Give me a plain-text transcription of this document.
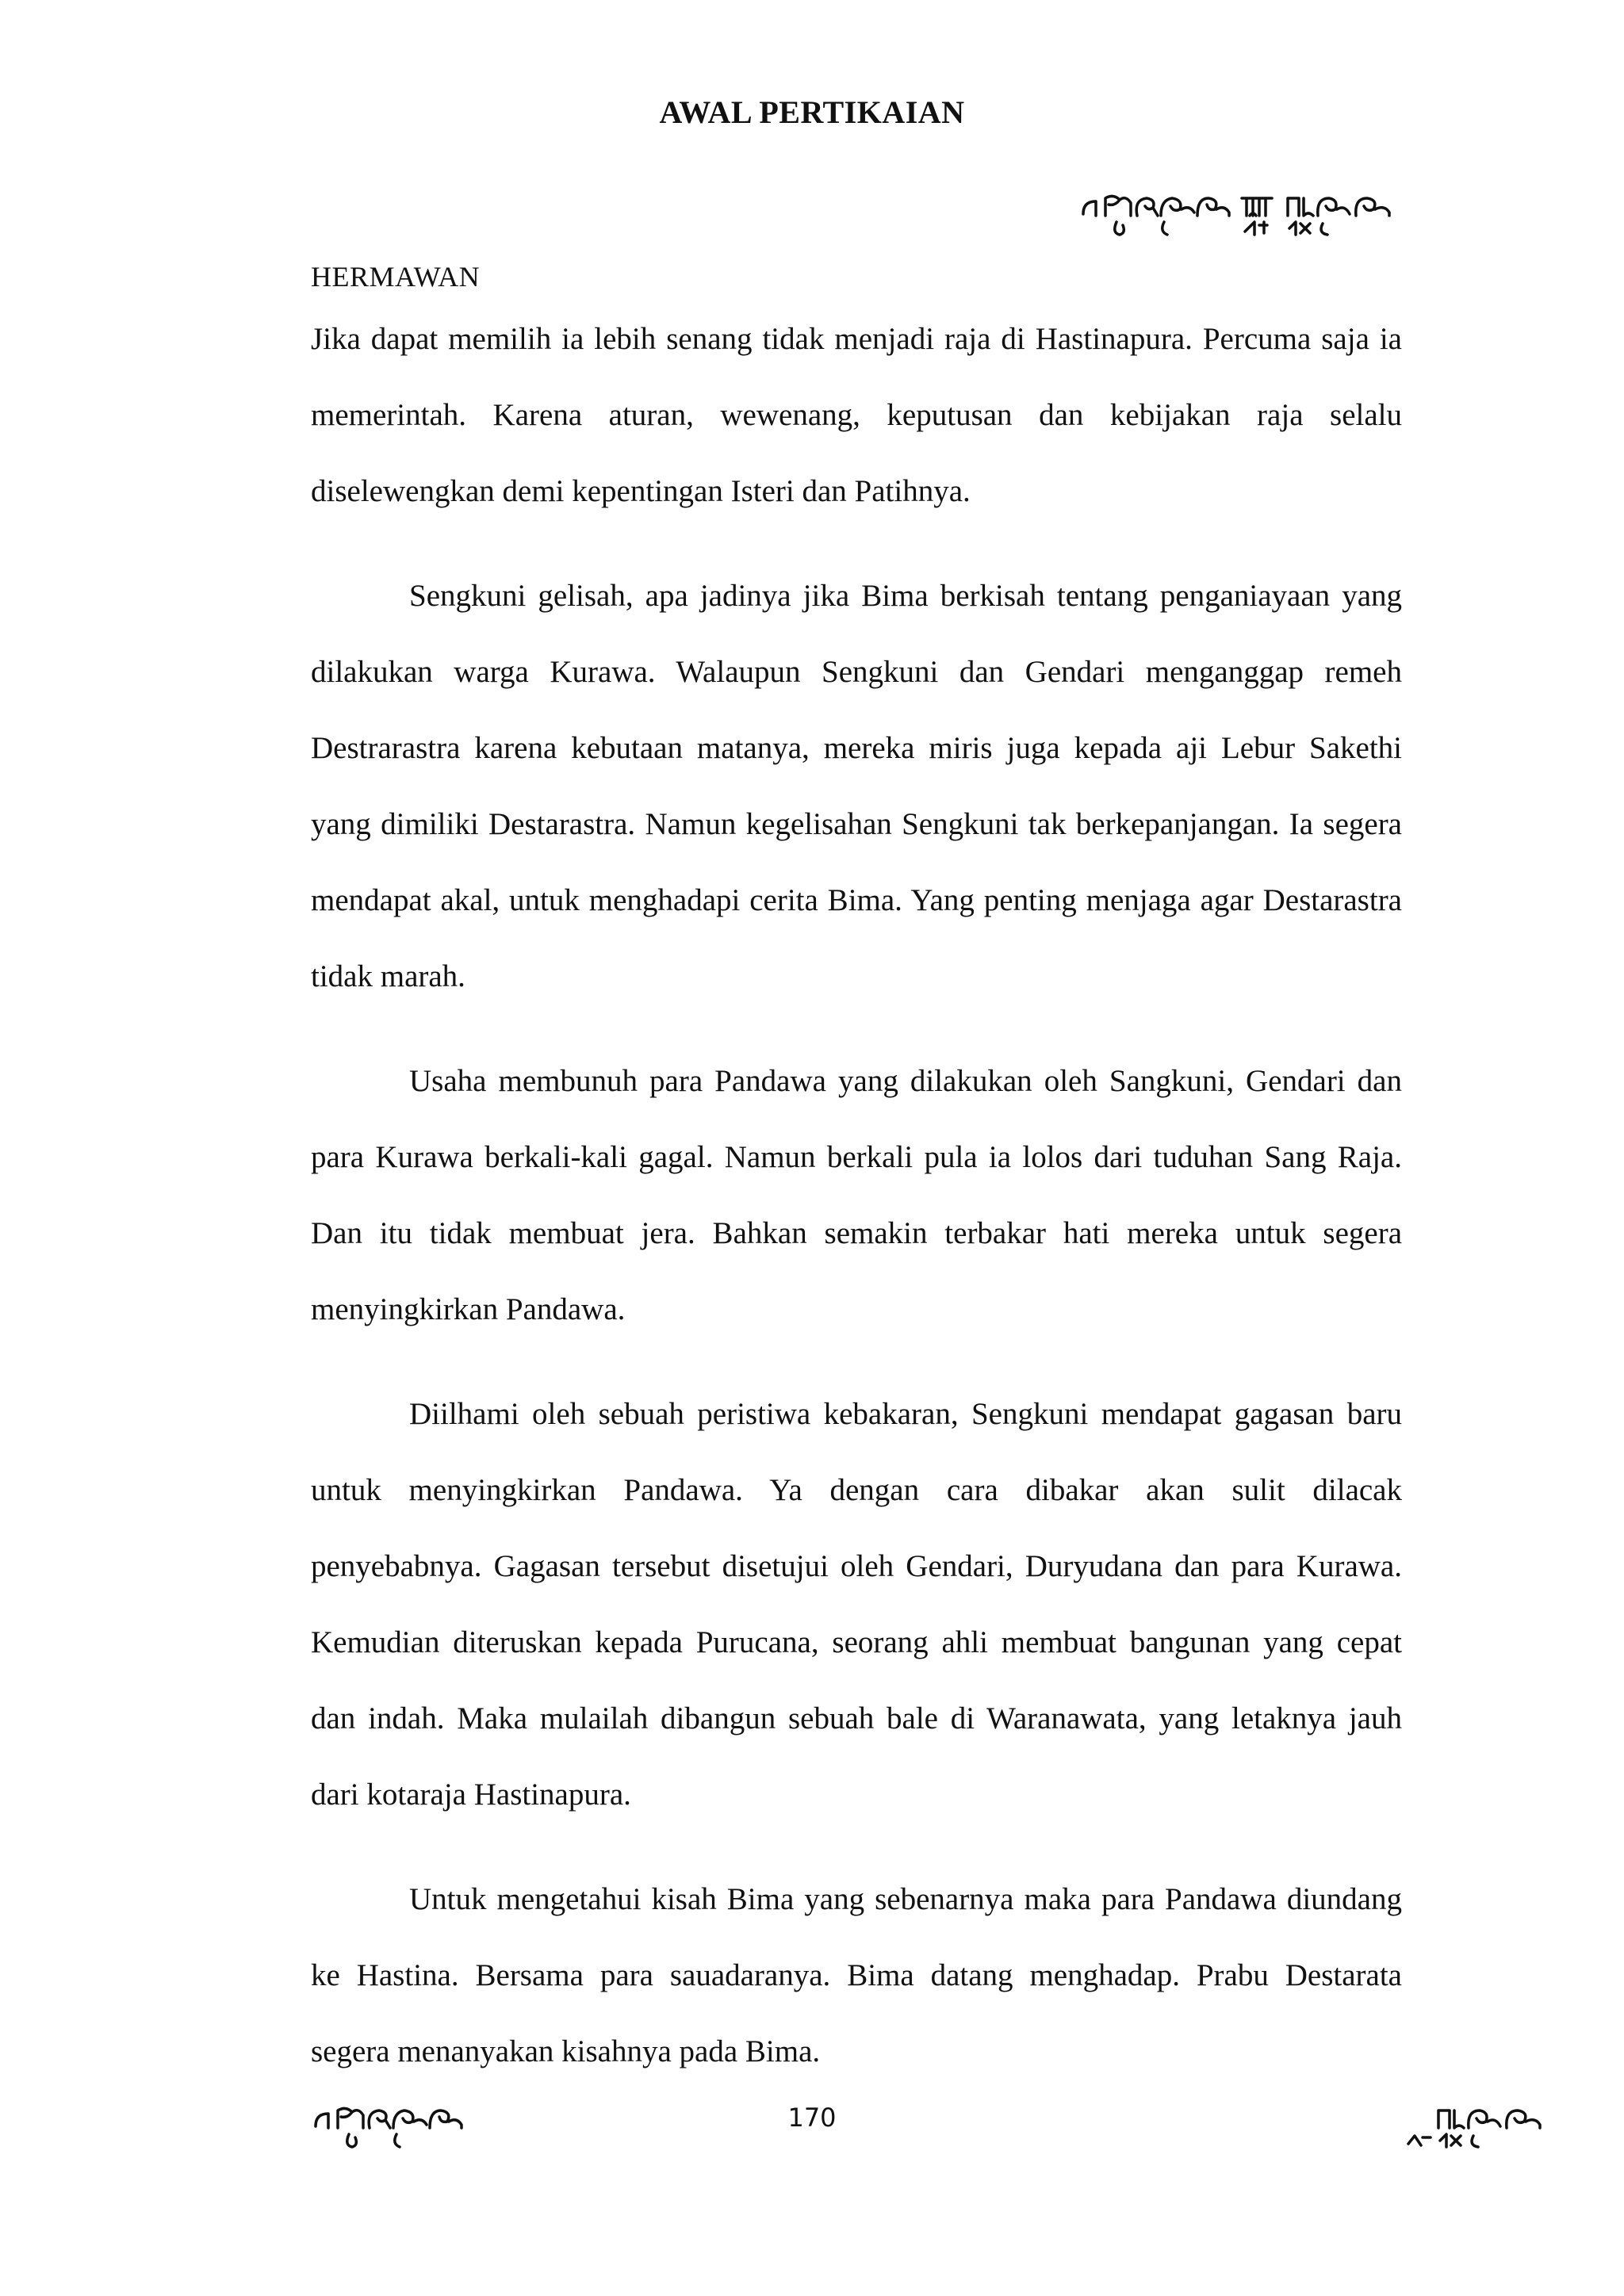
AWAL PERTIKAIAN
HERMAWAN

Jika dapat memilih ia lebih senang tidak menjadi raja di Hastinapura. Percuma saja ia memerintah. Karena aturan, wewenang, keputusan dan kebijakan raja selalu diselewengkan demi kepentingan Isteri dan Patihnya.

Sengkuni gelisah, apa jadinya jika Bima berkisah tentang penganiayaan yang dilakukan warga Kurawa. Walaupun Sengkuni dan Gendari menganggap remeh Destrarastra karena kebutaan matanya, mereka miris juga kepada aji Lebur Sakethi yang dimiliki Destarastra. Namun kegelisahan Sengkuni tak berkepanjangan. Ia segera mendapat akal, untuk menghadapi cerita Bima. Yang penting menjaga agar Destarastra tidak marah.

Usaha membunuh para Pandawa yang dilakukan oleh Sangkuni, Gendari dan para Kurawa berkali-kali gagal. Namun berkali pula ia lolos dari tuduhan Sang Raja. Dan itu tidak membuat jera. Bahkan semakin terbakar hati mereka untuk segera menyingkirkan Pandawa.

Diilhami oleh sebuah peristiwa kebakaran, Sengkuni mendapat gagasan baru untuk menyingkirkan Pandawa. Ya dengan cara dibakar akan sulit dilacak penyebabnya. Gagasan tersebut disetujui oleh Gendari, Duryudana dan para Kurawa. Kemudian diteruskan kepada Purucana, seorang ahli membuat bangunan yang cepat dan indah. Maka mulailah dibangun sebuah bale di Waranawata, yang letaknya jauh dari kotaraja Hastinapura.

Untuk mengetahui kisah Bima yang sebenarnya maka para Pandawa diundang ke Hastina. Bersama para sauadaranya. Bima datang menghadap. Prabu Destarata segera menanyakan kisahnya pada Bima.

170
